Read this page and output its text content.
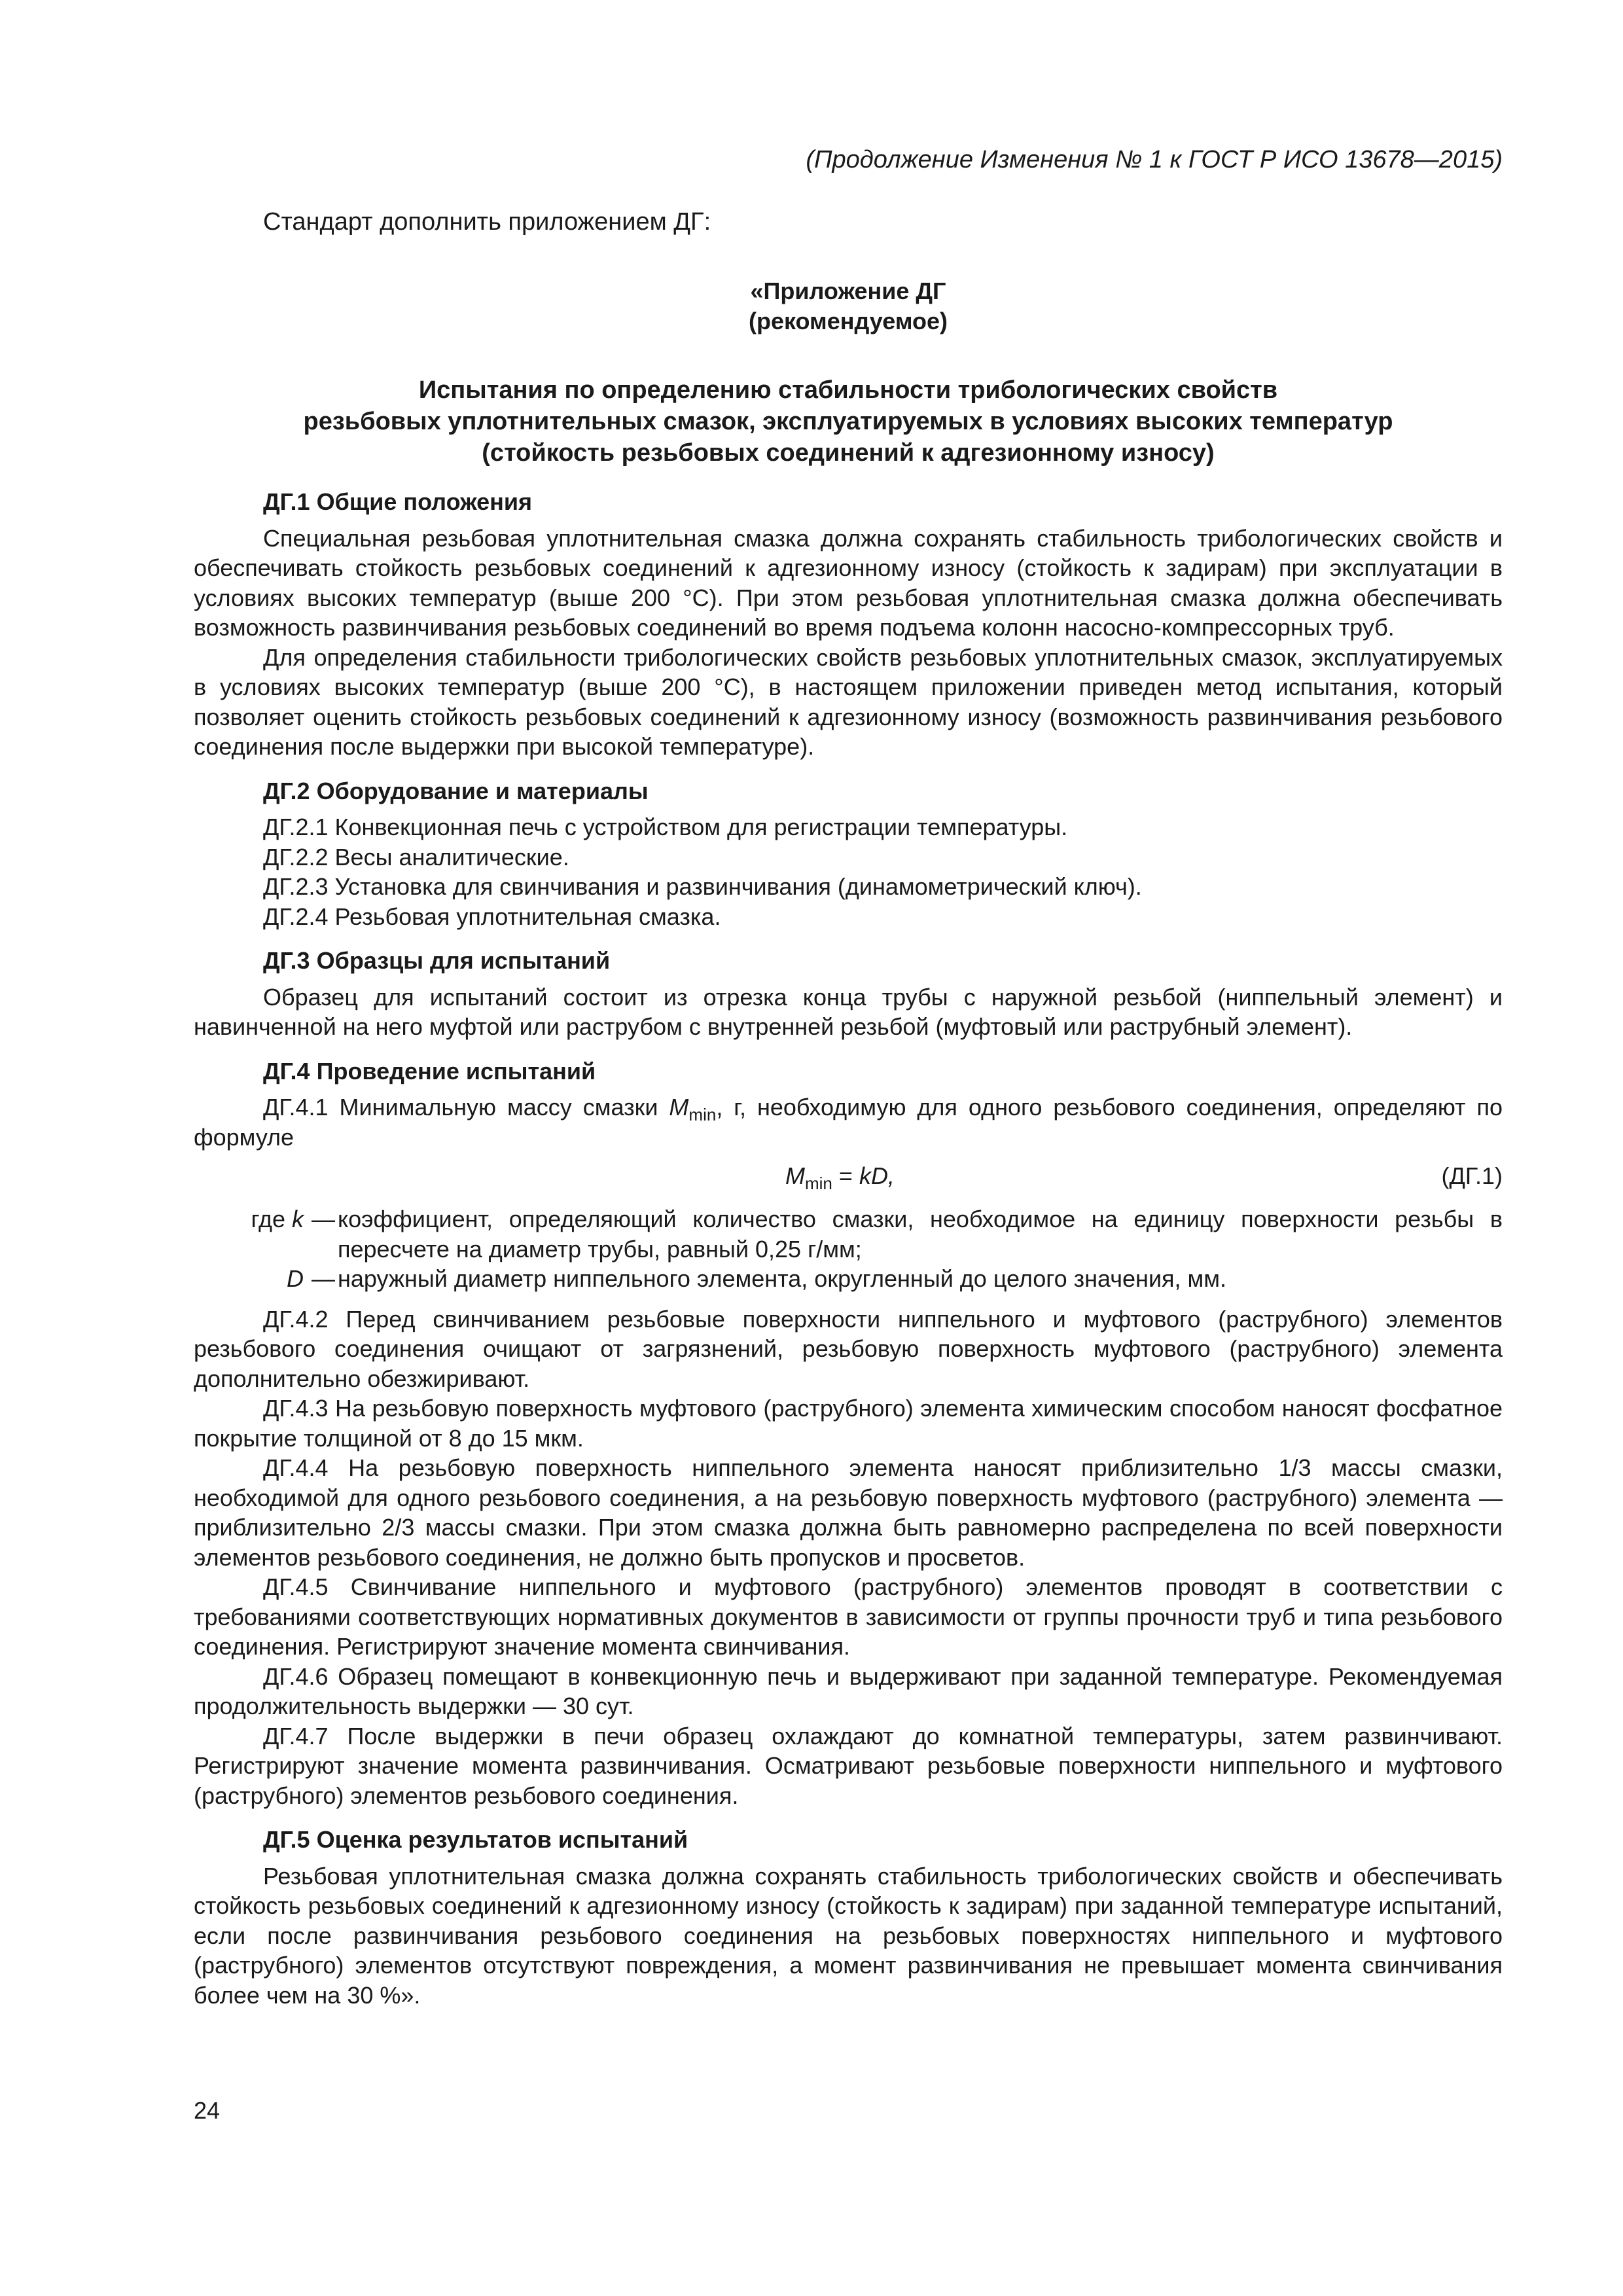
(Продолжение Изменения № 1 к ГОСТ Р ИСО 13678—2015)
Стандарт дополнить приложением ДГ:
«Приложение ДГ
(рекомендуемое)
Испытания по определению стабильности трибологических свойств
резьбовых уплотнительных смазок, эксплуатируемых в условиях высоких температур
(стойкость резьбовых соединений к адгезионному износу)
ДГ.1 Общие положения

Специальная резьбовая уплотнительная смазка должна сохранять стабильность трибологических свойств и обеспечивать стойкость резьбовых соединений к адгезионному износу (стойкость к задирам) при эксплуатации в условиях высоких температур (выше 200 °С). При этом резьбовая уплотнительная смазка должна обеспечивать возможность развинчивания резьбовых соединений во время подъема колонн насосно-компрессорных труб.

Для определения стабильности трибологических свойств резьбовых уплотнительных смазок, эксплуатируемых в условиях высоких температур (выше 200 °С), в настоящем приложении приведен метод испытания, который позволяет оценить стойкость резьбовых соединений к адгезионному износу (возможность развинчивания резьбового соединения после выдержки при высокой температуре).

ДГ.2 Оборудование и материалы
ДГ.2.1 Конвекционная печь с устройством для регистрации температуры.
ДГ.2.2 Весы аналитические.
ДГ.2.3 Установка для свинчивания и развинчивания (динамометрический ключ).
ДГ.2.4 Резьбовая уплотнительная смазка.
ДГ.3 Образцы для испытаний

Образец для испытаний состоит из отрезка конца трубы с наружной резьбой (ниппельный элемент) и навинченной на него муфтой или раструбом с внутренней резьбой (муфтовый или раструбный элемент).

ДГ.4 Проведение испытаний

ДГ.4.1 Минимальную массу смазки $M_{min}$, г, необходимую для одного резьбового соединения, определяют по формуле

$M_{min}$ = kD,	(ДГ.1)
где k — коэффициент, определяющий количество смазки, необходимое на единицу поверхности резьбы в пересчете на диаметр трубы, равный 0,25 г/мм;
D — наружный диаметр ниппельного элемента, округленный до целого значения, мм.

ДГ.4.2 Перед свинчиванием резьбовые поверхности ниппельного и муфтового (раструбного) элементов резьбового соединения очищают от загрязнений, резьбовую поверхность муфтового (раструбного) элемента дополнительно обезжиривают.

ДГ.4.3 На резьбовую поверхность муфтового (раструбного) элемента химическим способом наносят фосфатное покрытие толщиной от 8 до 15 мкм.

ДГ.4.4 На резьбовую поверхность ниппельного элемента наносят приблизительно 1/3 массы смазки, необходимой для одного резьбового соединения, а на резьбовую поверхность муфтового (раструбного) элемента — приблизительно 2/3 массы смазки. При этом смазка должна быть равномерно распределена по всей поверхности элементов резьбового соединения, не должно быть пропусков и просветов.

ДГ.4.5 Свинчивание ниппельного и муфтового (раструбного) элементов проводят в соответствии с требованиями соответствующих нормативных документов в зависимости от группы прочности труб и типа резьбового соединения. Регистрируют значение момента свинчивания.

ДГ.4.6 Образец помещают в конвекционную печь и выдерживают при заданной температуре. Рекомендуемая продолжительность выдержки — 30 сут.

ДГ.4.7 После выдержки в печи образец охлаждают до комнатной температуры, затем развинчивают. Регистрируют значение момента развинчивания. Осматривают резьбовые поверхности ниппельного и муфтового (раструбного) элементов резьбового соединения.

ДГ.5 Оценка результатов испытаний

Резьбовая уплотнительная смазка должна сохранять стабильность трибологических свойств и обеспечивать стойкость резьбовых соединений к адгезионному износу (стойкость к задирам) при заданной температуре испытаний, если после развинчивания резьбового соединения на резьбовых поверхностях ниппельного и муфтового (раструбного) элементов отсутствуют повреждения, а момент развинчивания не превышает момента свинчивания более чем на 30 %».

24
